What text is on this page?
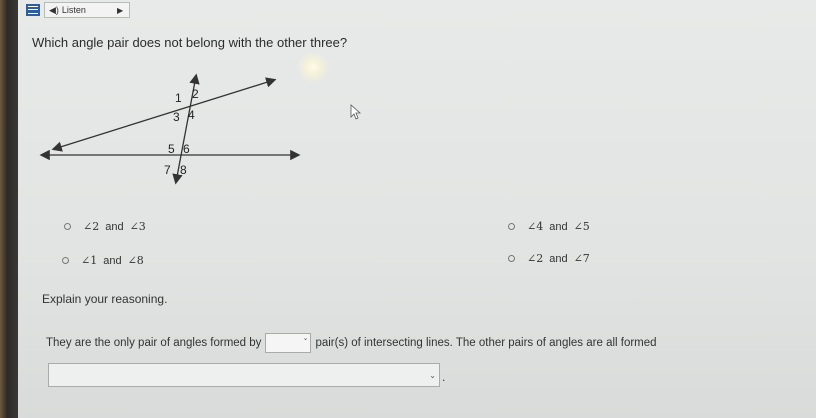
◀︎) Listen	▶
Which angle pair does not belong with the other three?
1 2
3 4
5 6
7 8
∠2 and ∠3	∠4 and ∠5
∠1 and ∠8	∠2 and ∠7
Explain your reasoning.
They are the only pair of angles formed by	⌄ pair(s) of intersecting lines. The other pairs of angles are all formed
⌄ .
